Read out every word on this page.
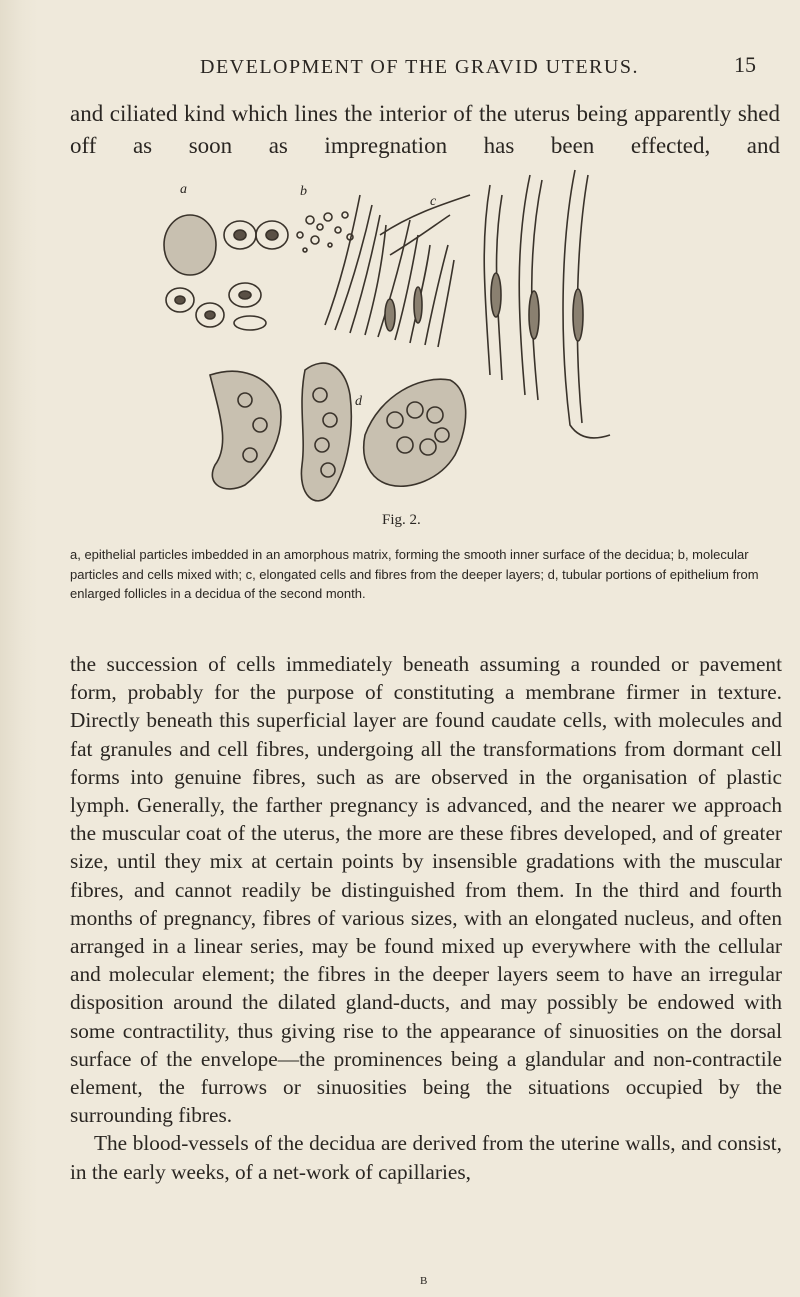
DEVELOPMENT OF THE GRAVID UTERUS.	15

and ciliated kind which lines the interior of the uterus being apparently shed off as soon as impregnation has been effected, and

b
c
d
a
Fig. 2.

a, epithelial particles imbedded in an amorphous matrix, forming the smooth inner surface of the decidua; b, molecular particles and cells mixed with; c, elongated cells and fibres from the deeper layers; d, tubular portions of epithelium from enlarged follicles in a decidua of the second month.

the succession of cells immediately beneath assuming a rounded or pavement form, probably for the purpose of constituting a membrane firmer in texture. Directly beneath this superficial layer are found caudate cells, with molecules and fat granules and cell fibres, undergoing all the transformations from dormant cell forms into genuine fibres, such as are observed in the organisation of plastic lymph. Generally, the farther pregnancy is advanced, and the nearer we approach the muscular coat of the uterus, the more are these fibres developed, and of greater size, until they mix at certain points by insensible gradations with the muscular fibres, and cannot readily be distinguished from them. In the third and fourth months of pregnancy, fibres of various sizes, with an elongated nucleus, and often arranged in a linear series, may be found mixed up everywhere with the cellular and molecular element; the fibres in the deeper layers seem to have an irregular disposition around the dilated gland-ducts, and may possibly be endowed with some contractility, thus giving rise to the appearance of sinuosities on the dorsal surface of the envelope—the prominences being a glandular and non-contractile element, the furrows or sinuosities being the situations occupied by the surrounding fibres.

The blood-vessels of the decidua are derived from the uterine walls, and consist, in the early weeks, of a net-work of capillaries,

B
